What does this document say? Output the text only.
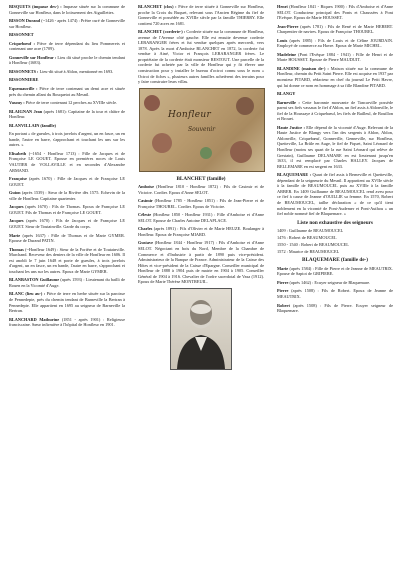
BISQUETS (impasse des-) : Impasse située sur la commune de Gonneville sur Honfleur, dans le lotissement des Aiguillettes.

BISSON Durand (~1426 - après 1474) : Prêtre curé de Gonneville sur Honfleur.

BISSONNET

Criquebœuf : Pièce de terre dépendant du lieu Pommerets et contenant une acre (1709).

Gonneville sur Honfleur : Lieu dit situé proche le chemin tendant à Honfleur (1683).

BISSONNETS : Lieu-dit situé à Ablon, mentionné en 1693.

BISSONNIERE

Equemauville : Pièce de terre contenant un demi acre et située près du chemin allant du Bouquetot au Mesnil.

Vasouy : Pièce de terre contenant 12 perches au XVIIIe siècle.

BLAIGNAN Jean (après 1681): Capitaine de la tour et châtre de Honfleur.

BLANVILLAIN (famille)

En portant « de gueules, à trois javelots d'argent, un en fasce, un en bande, l'autre en barre, s'approchant et touchant les uns sur les autres. »

Elisabeth (~1654 - Honfleur 1713) : Fille de Jacques et de Françoise LE GOUET. Epouse en premières noces de Louis VAUTIER de VOLLAVILLE et en secondes d'Alexandre ARMAND.

Françoise (après 1670) : Fille de Jacques et de Françoise LE GOUET.

Guion (après 1539) : Sieur de la Rivière dès 1575. Echevin de la ville de Honfleur. Capitaine quartenier.

Jacques (après 1670) : Fils de Thomas. Epoux de Françoise LE GOUET. Fils de Thomas et de Françoise LE GOUET.

Jacques (après 1670) : Fils de Jacques et de Françoise LE GOUET. Sieur de Toutainville. Garde du corps.

Marie (après 1637) : Fille de Thomas et de Marie GYMER. Epouse de Durand PATIN.

Thomas (~Honfleur 1649) : Sieur de la Foriêre et de Toutainville. Marchand. Receveur des deniers de la ville de Honfleur en 1606. Il est anobli le 7 juin 1648 et porte de gueules, à trois javelots d'argent, un en fasce, un en bande, l'autre en barre, s'approchant et touchant les uns sur les autres. Epoux de Marie GYMER.

BLANBASTON Guillaume (après 1593) : Lieutenant du bailli de Rouen en la Vicomté d'Auge.

BLANC (lieu au-) : Pièce de terre en herbe située sur la paroisse de Pennedepie, près du chemin tendant de Barneville la Bertran à Pennedepie. Elle appartient en 1695 au seigneur de Barneville la Bertran.

BLANCHARD Mathurine (1851 - après 1901) : Religieuse franciscaine. Sœur infirmière à l'hôpital de Honfleur en 1901.

BLANCHET (clos) : Pièce de terre située à Gonneville sur Honfleur, proche la Croix du Buquet, relevant sous l'Ancien Régime du fief de Gonneville et possédée au XVIIIe siècle par la famille THIERRY. Elle contient 720 acres en 1681.

BLANCHET (corderie-) : Corderie située sur la commune de Honfleur, avenue de l'Avenue côté gauche. Elle est ensuite devenue corderie LEBARANGER frères et fut vendue quelques après mercredi, vers 1878. Après la mort d'Amboise BLANCHET en 1872, la corderie fut vendue à Ainé, Victor et François LEBARANGER frères. Le propriétaire de la corderie était monsieur RESTOUT. Une parcelle de la corderie fut achetée par la ville de Honfleur qui y fit élever une construction pour y installer le bureau d'octroi connu sous le nom « Octroi de fiches », plusieurs autres familles achetèrent des terrains pour y faire construire leurs villas.

Honfleur
Souvenir
BLANCHET (famille)

Amboise (Honfleur 1810 - Honfleur 1872) : Fils de Casimir et de Victoire. Cordier. Epoux d'Anne SELOT.

Casimir (Honfleur 1785 - Honfleur 1851) : Fils de Jean-Pierre et de Françoise THOUREL. Cordier. Epoux de Victoire.

Céleste (Honfleur 1850 - Honfleur 1931) : Fille d'Amboise et d'Anne SELOT. Epouse de Charles Antoine DELAPLACE.

Charles (après 1891) : Fils d'Olivier et de Marie HEUZE. Boulanger à Honfleur. Epoux de Françoise MIARD.

Gustave (Honfleur 1844 - Honfleur 1917) : Fils d'Amboise et d'Anne SELOT. Négociant en bois du Nord, Membre de la Chambre de Commerce et d'Industrie à partir de 1890 puis vice-président. Administrateur de la Banque de France. Administrateur de la Caisse des Hôtes et vice-président de la Caisse d'Epargne. Conseiller municipal de Honfleur de 1888 à 1904 puis de mairie en 1904 à 1905. Conseiller Général de 1904 à 1916. Chevalier de l'ordre sacerdotal de Vasa (1912). Epoux de Marie Thérèse MONTREUIL.

Henri (Honfleur 1841 - Biquex 1900) : Fils d'Amboise et d'Anne SELOT. Conducteur principal des Ponts et Chaussées à Pont l'Evêque. Epoux de Marie HOUSSET.

Jean-Pierre (après 1781) : Fils de René et de Marie HEBERT. Charpentier de navires. Epoux de Françoise THOUREL.

Louis (après 1885) : Fils de Louis et de Céline JOURDAIN. Employé de commerce au Havre. Epoux de Marie MICHEL.

Madeleine (Pont l'Evêque 1884 - 1941) : Fille de Henri et de Marie HOUSSET. Epouse de Pierre MAUDUIT.

BLANDINE (maison de-) : Maison située sur la commune de Honfleur, chemin du Petit Saint Pierre. Elle est acquise en 1937 par monsieur PITARD, rédacteur en chef du journal Le Petit Havre, qui lui donne ce nom en hommage à sa fille Blandine PITARD.

BLANGY

Barneville : Cette baronnie mouvante de Tancarville possède parmi ses fiefs vassaux le fief d'Ablon, un fief assis à Ablonville, le fief de la Houssaye à Criquebœuf, les fiefs de Bailleul, de Bouillon et Brouet.

Haute Justice : Elle dépend de la vicomté d'Auge. Relevant de la Haute Justice de Blangy vers l'an des sergents à Ablon, Ablon, Ablonville, Criquebœuf, Gonneville, Genneville, sur Honfleur, Quetteville, La Brûle en Auge, le fief de Fiquet, Saint Léonard de Honfleur (moins ses quart de la rue Saint Léonard qui relève de Grestain), Guillaume DELAMARE en est lieutenant jusqu'en 1633, il est remplacé par Charles HALLEY. Jacques de BELLEMARE en est sergent en 1633.

BLAQUEMARE : Quart de fief assis à Berneville et Quetteville, dépendant de la seigneurie du Mesnil. Il appartient au XVIIe siècle à la famille de BEAUMOUCEL puis au XVIIIe à la famille ARBER. En 1409 Guillaume de BEAUMOUCEL rend aveu pour ce fief à cause de Jeanne d'OUILLIE sa femme. En 1570, Robert de BEAUMOUCEL, tailhe déclaration « de ce qu'il tient noblement en la vicomté de Pont-Audemer et Pont-Authou » un fief noble nommé fief de Blaquemare. »

Liste non exhaustive des seigneurs
1409 : Guillaume de BEAUMOUCEL
1476 : Robert de BEAUMOUCEL
1550 - 1540 : Robert de BEAUMOUCEL
1572 : Maurice de BEAUMOUCEL
BLAQUEMARE (famille de-)

Marie (après 1584) : Fille de Pierre et de Jeanne de MEAUTRIX. Epouse de Sapiot de GRIPIERE.

Pierre (après 1462) : Ecuyer seigneur de Blaquemare.

Pierre (après 1508) : Fils de Robert. Epoux de Jeanne de MEAUTRIX.

Robert (après 1508) : Fils de Pierre. Ecuyer seigneur de Blaquemare.
